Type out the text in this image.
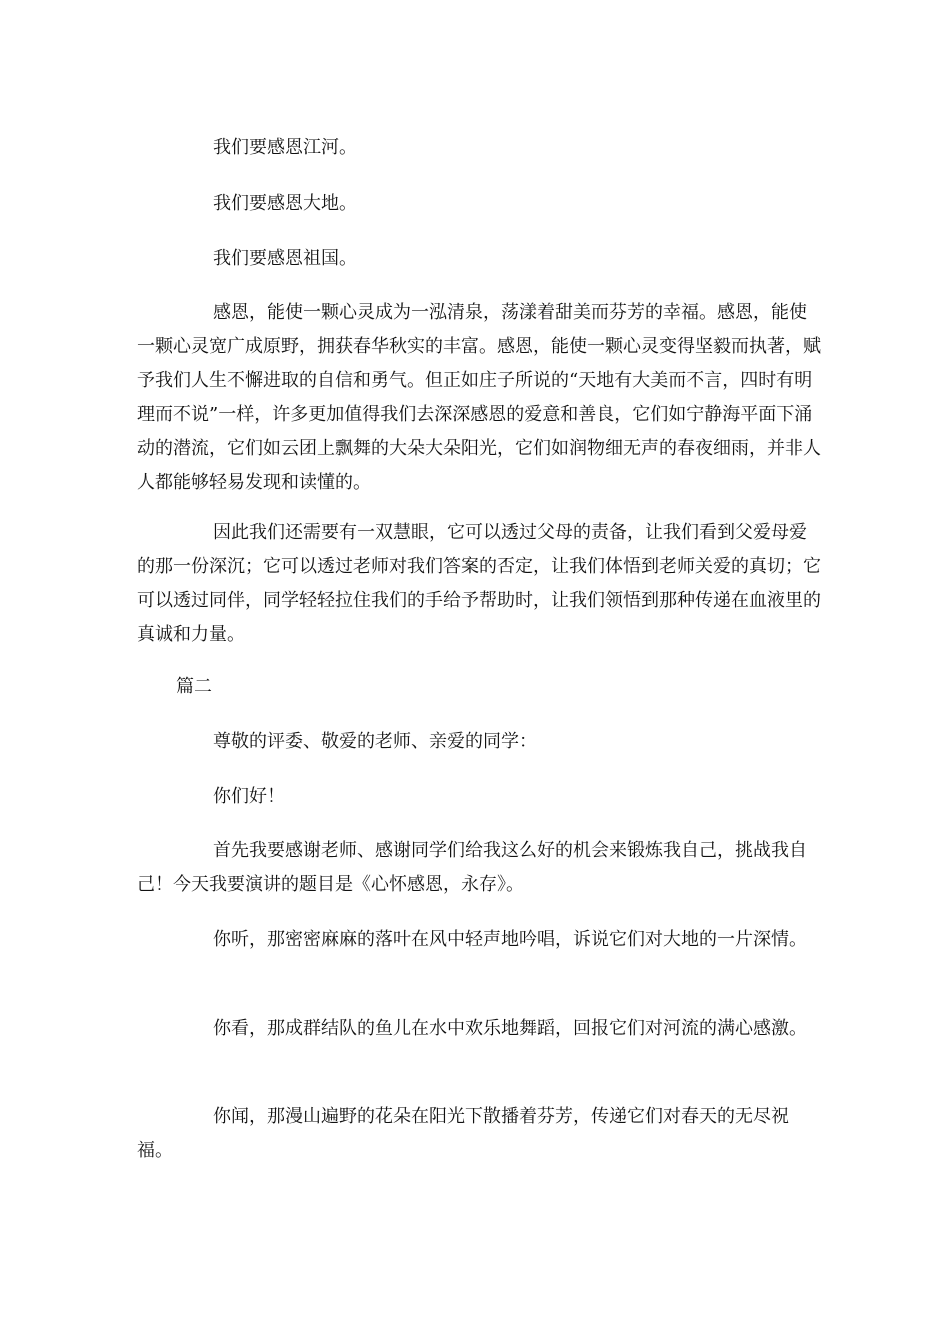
我们要感恩江河。

我们要感恩大地。

我们要感恩祖国。

感恩，能使一颗心灵成为一泓清泉，荡漾着甜美而芬芳的幸福。感恩，能使一颗心灵宽广成原野，拥获春华秋实的丰富。感恩，能使一颗心灵变得坚毅而执著，赋予我们人生不懈进取的自信和勇气。但正如庄子所说的“天地有大美而不言，四时有明理而不说”一样，许多更加值得我们去深深感恩的爱意和善良，它们如宁静海平面下涌动的潜流，它们如云团上飘舞的大朵大朵阳光，它们如润物细无声的春夜细雨，并非人人都能够轻易发现和读懂的。

因此我们还需要有一双慧眼，它可以透过父母的责备，让我们看到父爱母爱的那一份深沉；它可以透过老师对我们答案的否定，让我们体悟到老师关爱的真切；它可以透过同伴，同学轻轻拉住我们的手给予帮助时，让我们领悟到那种传递在血液里的真诚和力量。

篇二

尊敬的评委、敬爱的老师、亲爱的同学：

你们好！

首先我要感谢老师、感谢同学们给我这么好的机会来锻炼我自己，挑战我自己！今天我要演讲的题目是《心怀感恩，永存》。

你听，那密密麻麻的落叶在风中轻声地吟唱，诉说它们对大地的一片深情。

你看，那成群结队的鱼儿在水中欢乐地舞蹈，回报它们对河流的满心感激。

你闻，那漫山遍野的花朵在阳光下散播着芬芳，传递它们对春天的无尽祝福。
